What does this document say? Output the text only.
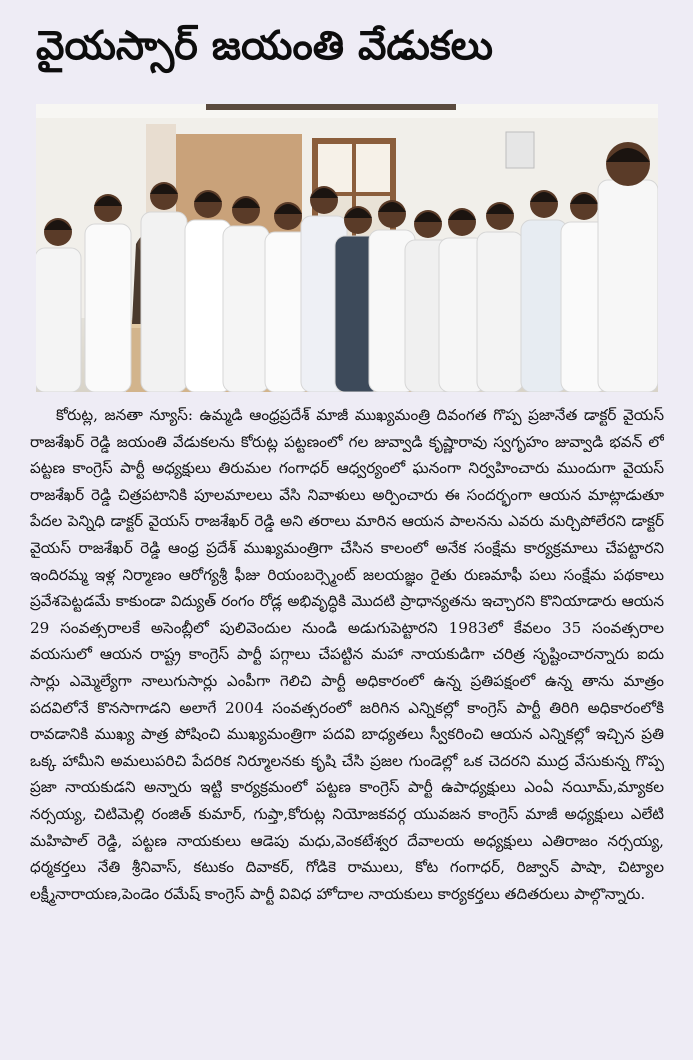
వైయస్సార్ జయంతి వేడుకలు

కోరుట్ల, జనతా న్యూస్: ఉమ్మడి ఆంధ్రప్రదేశ్ మాజీ ముఖ్యమంత్రి దివంగత గొప్ప ప్రజానేత డాక్టర్ వైయస్ రాజశేఖర్ రెడ్డి జయంతి వేడుకలను కోరుట్ల పట్టణంలో గల జువ్వాడి కృష్ణారావు స్వగృహం జువ్వాడి భవన్ లో పట్టణ కాంగ్రెస్ పార్టీ అధ్యక్షులు తిరుమల గంగాధర్ ఆధ్వర్యంలో ఘనంగా నిర్వహించారు ముందుగా వైయస్ రాజశేఖర్ రెడ్డి చిత్రపటానికి పూలమాలలు వేసి నివాళులు అర్పించారు ఈ సందర్భంగా ఆయన మాట్లాడుతూ పేదల పెన్నిధి డాక్టర్ వైయస్ రాజశేఖర్ రెడ్డి అని తరాలు మారిన ఆయన పాలనను ఎవరు మర్చిపోలేరని డాక్టర్ వైయస్ రాజశేఖర్ రెడ్డి ఆంధ్ర ప్రదేశ్ ముఖ్యమంత్రిగా చేసిన కాలంలో అనేక సంక్షేమ కార్యక్రమాలు చేపట్టారని ఇందిరమ్మ ఇళ్ల నిర్మాణం ఆరోగ్యశ్రీ ఫీజు రియంబర్స్మెంట్ జలయజ్ఞం రైతు రుణమాఫీ పలు సంక్షేమ పథకాలు ప్రవేశపెట్టడమే కాకుండా విద్యుత్ రంగం రోడ్ల అభివృద్ధికి మొదటి ప్రాధాన్యతను ఇచ్చారని కొనియాడారు ఆయన 29 సంవత్సరాలకే అసెంబ్లీలో పులివెందుల నుండి అడుగుపెట్టారని 1983లో కేవలం 35 సంవత్సరాల వయసులో ఆయన రాష్ట్ర కాంగ్రెస్ పార్టీ పగ్గాలు చేపట్టిన మహా నాయకుడిగా చరిత్ర సృష్టించారన్నారు ఐదు సార్లు ఎమ్మెల్యేగా నాలుగుసార్లు ఎంపీగా గెలిచి పార్టీ అధికారంలో ఉన్న ప్రతిపక్షంలో ఉన్న తాను మాత్రం పదవిలోనే కొనసాగాడని అలాగే 2004 సంవత్సరంలో జరిగిన ఎన్నికల్లో కాంగ్రెస్ పార్టీ తిరిగి అధికారంలోకి రావడానికి ముఖ్య పాత్ర పోషించి ముఖ్యమంత్రిగా పదవి బాధ్యతలు స్వీకరించి ఆయన ఎన్నికల్లో ఇచ్చిన ప్రతి ఒక్క హామీని అమలుపరిచి పేదరిక నిర్మూలనకు కృషి చేసి ప్రజల గుండెల్లో ఒక చెదరని ముద్ర వేసుకున్న గొప్ప ప్రజా నాయకుడని అన్నారు ఇట్టి కార్యక్రమంలో పట్టణ కాంగ్రెస్ పార్టీ ఉపాధ్యక్షులు ఎంఏ నయీమ్,మ్యాకల నర్సయ్య, చిటిమెల్లి రంజిత్ కుమార్, గుప్తా,కోరుట్ల నియోజకవర్గ యువజన కాంగ్రెస్ మాజీ అధ్యక్షులు ఎలేటి మహిపాల్ రెడ్డి, పట్టణ నాయకులు ఆడెపు మధు,వెంకటేశ్వర దేవాలయ అధ్యక్షులు ఎతిరాజం నర్సయ్య, ధర్మకర్తలు నేతి శ్రీనివాస్, కటుకం దివాకర్, గోడికె రాములు, కోట గంగాధర్, రిజ్వాన్ పాషా, చిట్యాల లక్ష్మీనారాయణ,పెండెం రమేష్ కాంగ్రెస్ పార్టీ వివిధ హోదాల నాయకులు కార్యకర్తలు తదితరులు పాల్గొన్నారు.
